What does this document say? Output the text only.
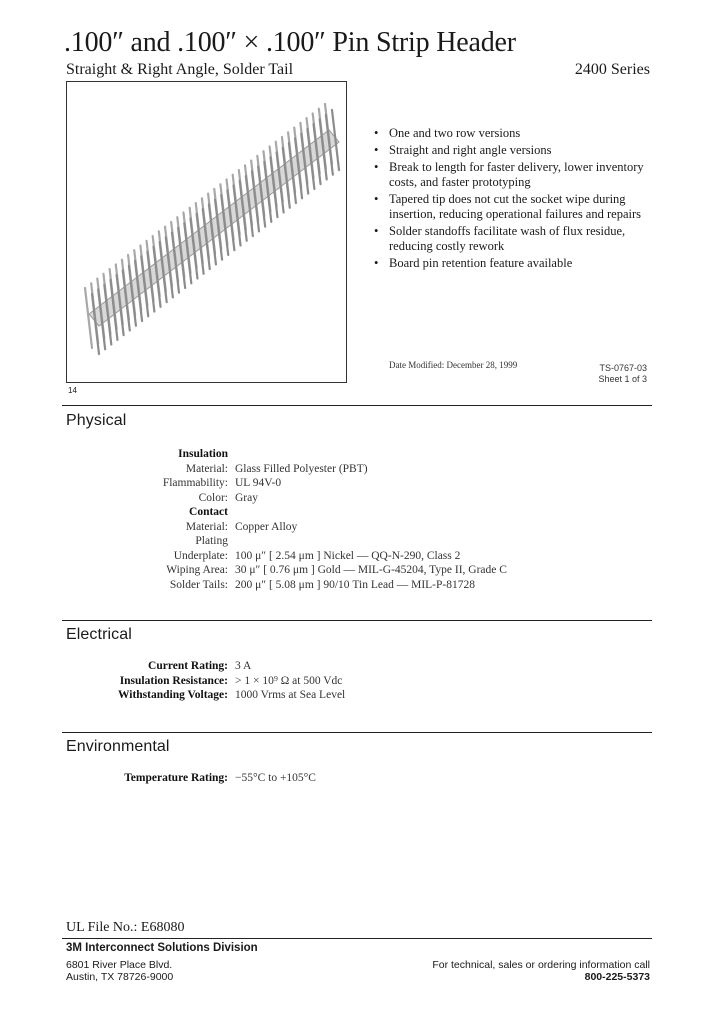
.100″ and .100″ × .100″ Pin Strip Header
Straight & Right Angle, Solder Tail	2400 Series
14
• One and two row versions
• Straight and right angle versions
• Break to length for faster delivery, lower inventory costs, and faster prototyping
• Tapered tip does not cut the socket wipe during insertion, reducing operational failures and repairs
• Solder standoffs facilitate wash of flux residue, reducing costly rework
• Board pin retention feature available
Date Modified: December 28, 1999	TS-0767-03
Sheet 1 of 3
Physical
Insulation
Material: Glass Filled Polyester (PBT)
Flammability: UL 94V-0
Color: Gray
Contact
Material: Copper Alloy
Plating
Underplate: 100 μ″ [ 2.54 μm ] Nickel — QQ-N-290, Class 2
Wiping Area: 30 μ″ [ 0.76 μm ] Gold — MIL-G-45204, Type II, Grade C
Solder Tails: 200 μ″ [ 5.08 μm ] 90/10 Tin Lead — MIL-P-81728
Electrical
Current Rating: 3 A
Insulation Resistance: > 1 × 10⁹ Ω at 500 Vdc
Withstanding Voltage: 1000 Vrms at Sea Level
Environmental
Temperature Rating: −55°C to +105°C
UL File No.: E68080
3M Interconnect Solutions Division
6801 River Place Blvd.
Austin, TX 78726-9000
For technical, sales or ordering information call
800-225-5373
